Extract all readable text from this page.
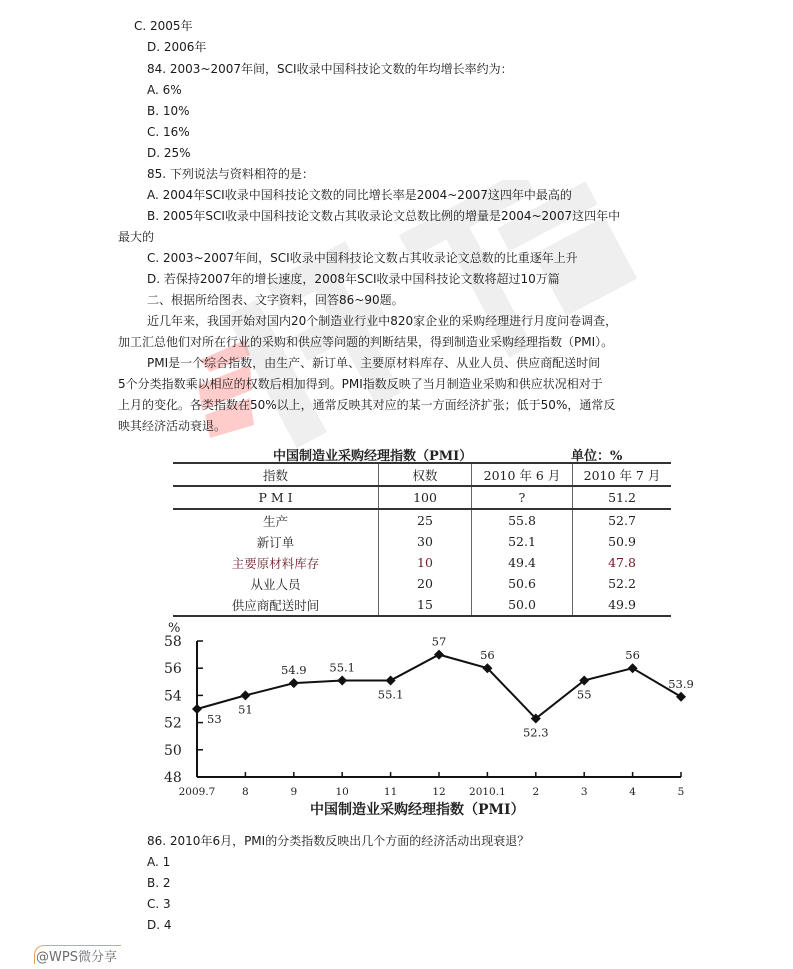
C. 2005年
D. 2006年
84. 2003~2007年间，SCI收录中国科技论文数的年均增长率约为：
A. 6%
B. 10%
C. 16%
D. 25%
85. 下列说法与资料相符的是：
A. 2004年SCI收录中国科技论文数的同比增长率是2004~2007这四年中最高的
B. 2005年SCI收录中国科技论文数占其收录论文总数比例的增量是2004~2007这四年中
最大的
C. 2003~2007年间，SCI收录中国科技论文数占其收录论文总数的比重逐年上升
D. 若保持2007年的增长速度，2008年SCI收录中国科技论文数将超过10万篇
二、根据所给图表、文字资料，回答86~90题。
近几年来，我国开始对国内20个制造业行业中820家企业的采购经理进行月度问卷调查，
加工汇总他们对所在行业的采购和供应等问题的判断结果，得到制造业采购经理指数（PMI）。
PMI是一个综合指数，由生产、新订单、主要原材料库存、从业人员、供应商配送时间
5个分类指数乘以相应的权数后相加得到。PMI指数反映了当月制造业采购和供应状况相对于
上月的变化。各类指数在50%以上，通常反映其对应的某一方面经济扩张；低于50%，通常反
映其经济活动衰退。
中国制造业采购经理指数（PMI）	单位：%
指数	权数	2010 年 6 月	2010 年 7 月
P M I	100	?	51.2
生产	25	55.8	52.7
新订单	30	52.1	50.9
主要原材料库存	10	49.4	47.8
从业人员	20	50.6	52.2
供应商配送时间	15	50.0	49.9
%
48
50
52
54
56
58
2009.7	8	9	10	11	12 2010.1	2	3	4	5
53
51
54.9 55.1
55.1
57
56
52.3
55
56
53.9
中国制造业采购经理指数（PMI）
86. 2010年6月，PMI的分类指数反映出几个方面的经济活动出现衰退？
A. 1
B. 2
C. 3
D. 4
@WPS微分享
